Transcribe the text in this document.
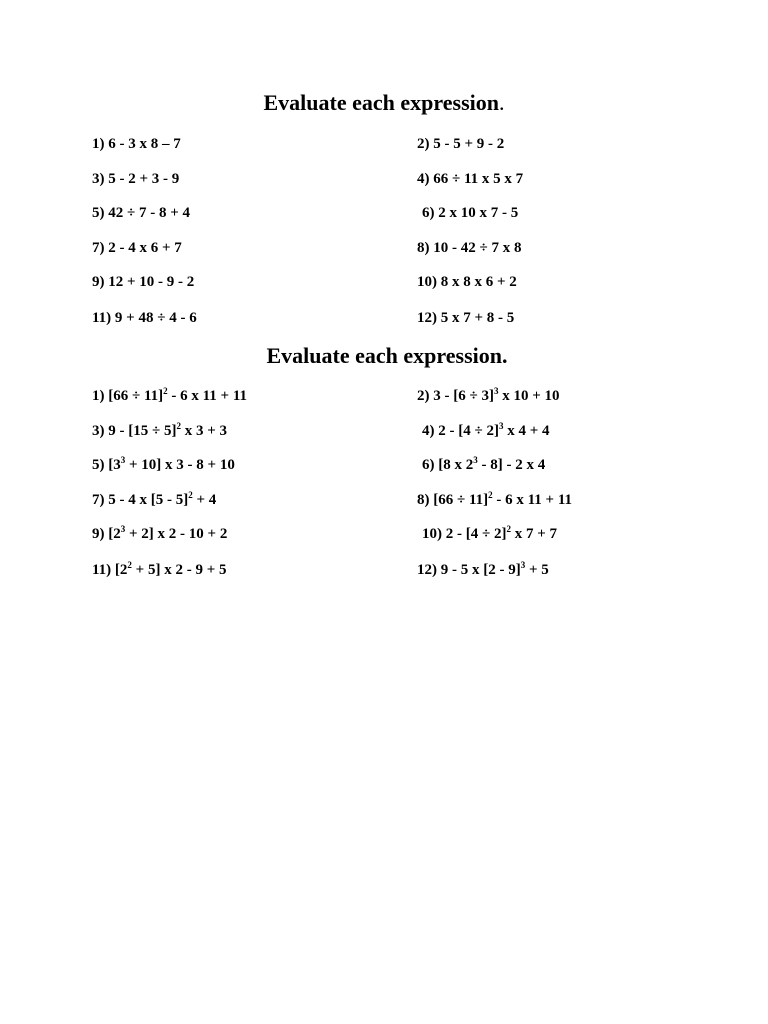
Evaluate each expression.
1) 6 - 3 x 8 – 7	2) 5 - 5 + 9 - 2
3) 5 - 2 + 3 - 9	4) 66 ÷ 11 x 5 x 7
5) 42 ÷ 7 - 8 + 4	6) 2 x 10 x 7 - 5
7) 2 - 4 x 6 + 7	8) 10 - 42 ÷ 7 x 8
9) 12 + 10 - 9 - 2	10) 8 x 8 x 6 + 2
11) 9 + 48 ÷ 4 - 6	12) 5 x 7 + 8 - 5
Evaluate each expression.
1) $[66 \div 11]^2 - 6$ x 11 + 11	2) $3 - [6 \div 3]^3$ x 10 + 10
3) $9 - [15 \div 5]^2$ x 3 + 3	4) $2 - [4 \div 2]^3$ x 4 + 4
5) $[3^3 + 10]$ x 3 - 8 + 10	6) [8 x $2^3 - 8] - 2$ x 4
7) 5 - 4 x [5 - 5]$^2$ + 4	8) $[66 \div 11]^2 - 6$ x 11 + 11
9) $[2^3 + 2]$ x 2 - 10 + 2	10) $2 - [4 \div 2]^2$ x 7 + 7
11) $[2^2 + 5]$ x 2 - 9 + 5	12) 9 - 5 x [2 - 9]$^3$ + 5
